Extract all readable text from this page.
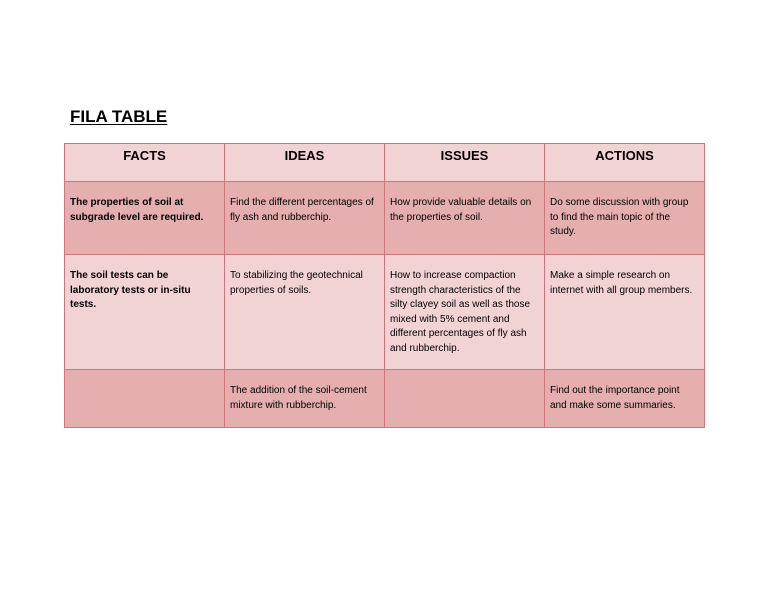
FILA TABLE
FACTS	IDEAS	ISSUES	ACTIONS
The properties of soil at subgrade level are required.	Find the different percentages of fly ash and rubberchip.	How provide valuable details on the properties of soil.	Do some discussion with group to find the main topic of the study.
The soil tests can be laboratory tests or in-situ tests.	To stabilizing the geotechnical properties of soils.	How to increase compaction strength characteristics of the silty clayey soil as well as those mixed with 5% cement and different percentages of fly ash and rubberchip.	Make a simple research on internet with all group members.
	The addition of the soil-cement mixture with rubberchip.		Find out the importance point and make some summaries.
